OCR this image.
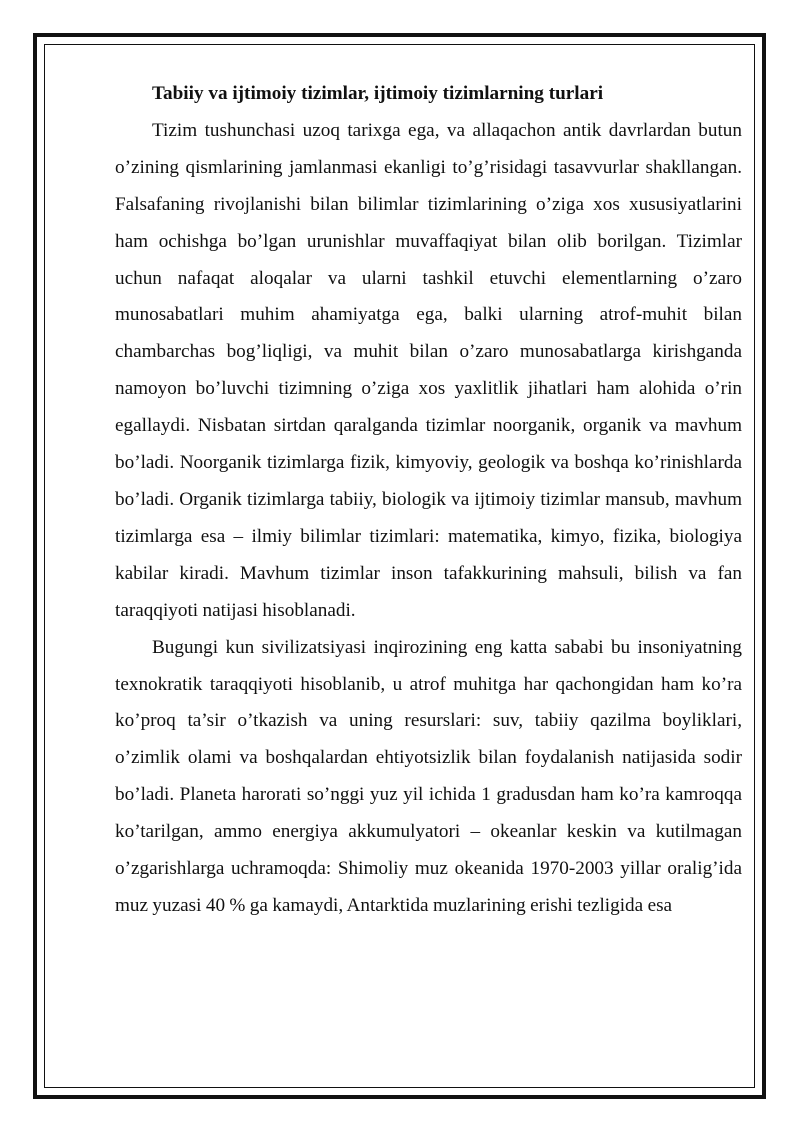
Tabiiy va ijtimoiy tizimlar, ijtimoiy tizimlarning turlari

Tizim tushunchasi uzoq tarixga ega, va allaqachon antik davrlardan butun o’zining qismlarining jamlanmasi ekanligi to’g’risidagi tasavvurlar shakllangan. Falsafaning rivojlanishi bilan bilimlar tizimlarining o’ziga xos xususiyatlarini ham ochishga bo’lgan urunishlar muvaffaqiyat bilan olib borilgan. Tizimlar uchun nafaqat aloqalar va ularni tashkil etuvchi elementlarning o’zaro munosabatlari muhim ahamiyatga ega, balki ularning atrof-muhit bilan chambarchas bog’liqligi, va muhit bilan o’zaro munosabatlarga kirishganda namoyon bo’luvchi tizimning o’ziga xos yaxlitlik jihatlari ham alohida o’rin egallaydi. Nisbatan sirtdan qaralganda tizimlar noorganik, organik va mavhum bo’ladi. Noorganik tizimlarga fizik, kimyoviy, geologik va boshqa ko’rinishlarda bo’ladi. Organik tizimlarga tabiiy, biologik va ijtimoiy tizimlar mansub, mavhum tizimlarga esa – ilmiy bilimlar tizimlari: matematika, kimyo, fizika, biologiya kabilar kiradi. Mavhum tizimlar inson tafakkurining mahsuli, bilish va fan taraqqiyoti natijasi hisoblanadi.

Bugungi kun sivilizatsiyasi inqirozining eng katta sababi bu insoniyatning texnokratik taraqqiyoti hisoblanib, u atrof muhitga har qachongidan ham ko’ra ko’proq ta’sir o’tkazish va uning resurslari: suv, tabiiy qazilma boyliklari, o’zimlik olami va boshqalardan ehtiyotsizlik bilan foydalanish natijasida sodir bo’ladi. Planeta harorati so’nggi yuz yil ichida 1 gradusdan ham ko’ra kamroqqa ko’tarilgan, ammo energiya akkumulyatori – okeanlar keskin va kutilmagan o’zgarishlarga uchramoqda: Shimoliy muz okeanida 1970-2003 yillar oralig’ida muz yuzasi 40 % ga kamaydi, Antarktida muzlarining erishi tezligida esa
